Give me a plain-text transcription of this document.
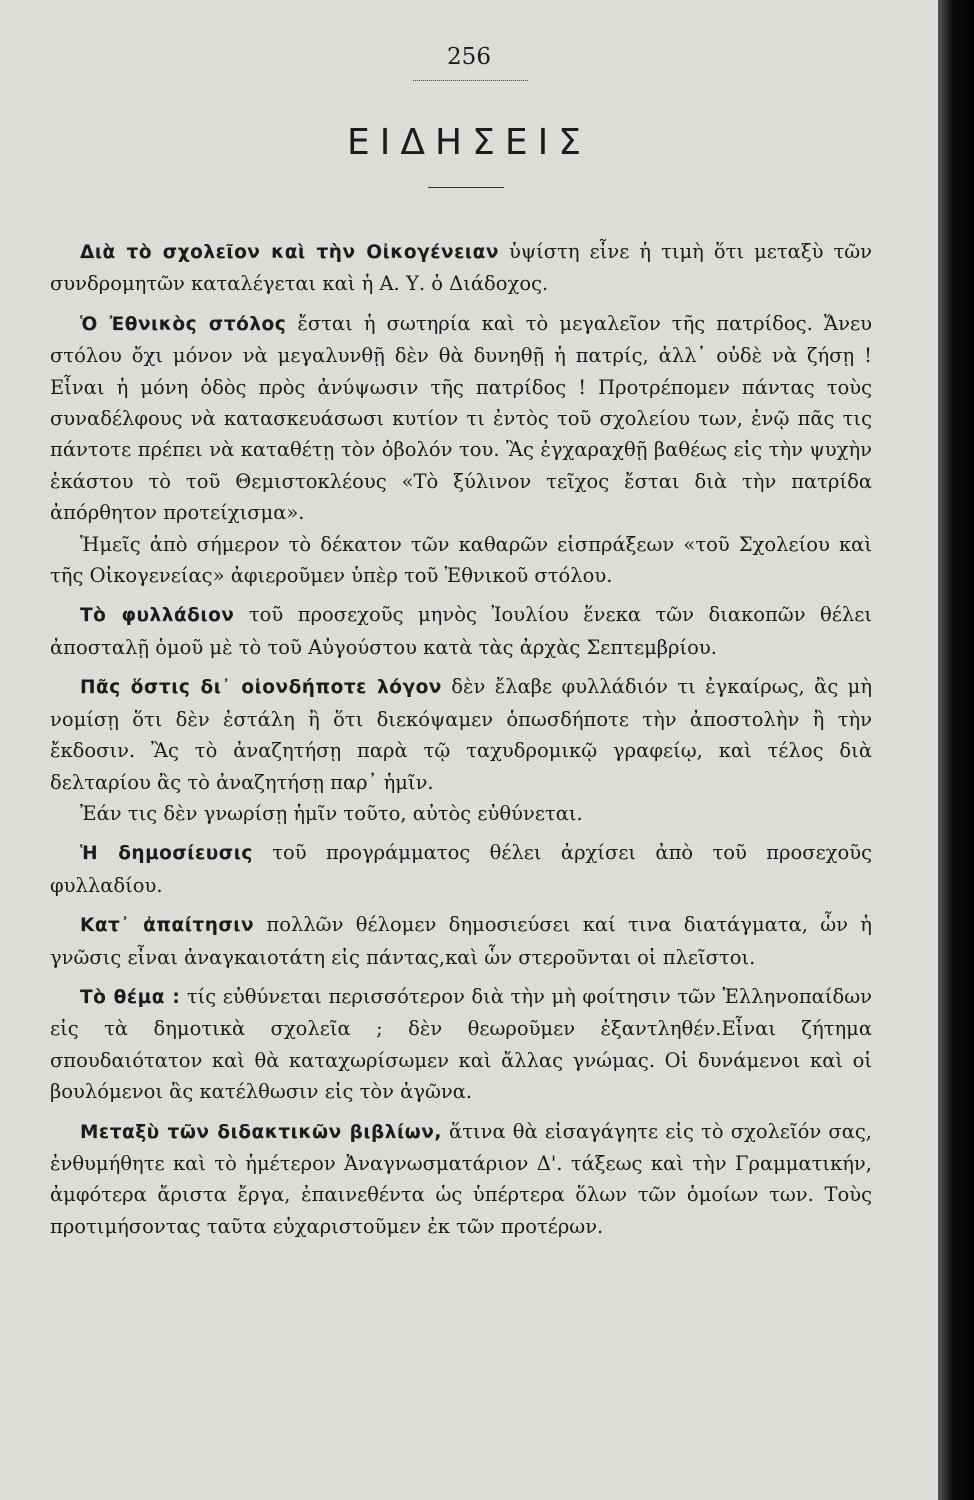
256
ΕΙΔΗΣΕΙΣ

Διὰ τὸ σχολεῖον καὶ τὴν Οἰκογένειαν ὑψίστη εἶνε ἡ τιμὴ ὅτι μεταξὺ τῶν συνδρομητῶν καταλέγεται καὶ ἡ Α. Υ. ὁ Διάδοχος.

Ὁ Ἐθνικὸς στόλος ἔσται ἡ σωτηρία καὶ τὸ μεγαλεῖον τῆς πατρίδος. Ἄνευ στόλου ὄχι μόνον νὰ μεγαλυνθῇ δὲν θὰ δυνηθῇ ἡ πατρίς, ἀλλ᾽ οὐδὲ νὰ ζήσῃ ! Εἶναι ἡ μόνη ὁδὸς πρὸς ἀνύψωσιν τῆς πατρίδος ! Προτρέπομεν πάντας τοὺς συναδέλφους νὰ κατασκευάσωσι κυτίον τι ἐντὸς τοῦ σχολείου των, ἐνῷ πᾶς τις πάντοτε πρέπει νὰ καταθέτῃ τὸν ὀβολόν του. Ἂς ἐγχαραχθῇ βαθέως εἰς τὴν ψυχὴν ἑκάστου τὸ τοῦ Θεμιστοκλέους «Τὸ ξύλινον τεῖχος ἔσται διὰ τὴν πατρίδα ἀπόρθητον προτείχισμα».

Ἡμεῖς ἀπὸ σήμερον τὸ δέκατον τῶν καθαρῶν εἰσπράξεων «τοῦ Σχολείου καὶ τῆς Οἰκογενείας» ἀφιεροῦμεν ὑπὲρ τοῦ Ἐθνικοῦ στόλου.

Τὸ φυλλάδιον τοῦ προσεχοῦς μηνὸς Ἰουλίου ἕνεκα τῶν διακοπῶν θέλει ἀποσταλῇ ὁμοῦ μὲ τὸ τοῦ Αὐγούστου κατὰ τὰς ἀρχὰς Σεπτεμβρίου.

Πᾶς ὅστις δι᾽ οἱονδήποτε λόγον δὲν ἔλαβε φυλλάδιόν τι ἐγκαίρως, ἂς μὴ νομίσῃ ὅτι δὲν ἐστάλη ἢ ὅτι διεκόψαμεν ὁπωσδήποτε τὴν ἀποστολὴν ἢ τὴν ἔκδοσιν. Ἂς τὸ ἀναζητήσῃ παρὰ τῷ ταχυδρομικῷ γραφείῳ, καὶ τέλος διὰ δελταρίου ἂς τὸ ἀναζητήσῃ παρ᾽ ἡμῖν.

Ἐάν τις δὲν γνωρίσῃ ἡμῖν τοῦτο, αὐτὸς εὐθύνεται.

Ἡ δημοσίευσις τοῦ προγράμματος θέλει ἀρχίσει ἀπὸ τοῦ προσεχοῦς φυλλαδίου.

Κατ᾽ ἀπαίτησιν πολλῶν θέλομεν δημοσιεύσει καί τινα διατάγματα, ὧν ἡ γνῶσις εἶναι ἀναγκαιοτάτη εἰς πάντας,καὶ ὧν στεροῦνται οἱ πλεῖστοι.

Τὸ θέμα : τίς εὐθύνεται περισσότερον διὰ τὴν μὴ φοίτησιν τῶν Ἑλληνοπαίδων εἰς τὰ δημοτικὰ σχολεῖα ; δὲν θεωροῦμεν ἐξαντληθέν.Εἶναι ζήτημα σπουδαιότατον καὶ θὰ καταχωρίσωμεν καὶ ἄλλας γνώμας. Οἱ δυνάμενοι καὶ οἱ βουλόμενοι ἂς κατέλθωσιν εἰς τὸν ἀγῶνα.

Μεταξὺ τῶν διδακτικῶν βιβλίων, ἅτινα θὰ εἰσαγάγητε εἰς τὸ σχολεῖόν σας, ἐνθυμήθητε καὶ τὸ ἡμέτερον Ἀναγνωσματάριον Δ'. τάξεως καὶ τὴν Γραμματικήν, ἀμφότερα ἄριστα ἔργα, ἐπαινεθέντα ὡς ὑπέρτερα ὅλων τῶν ὁμοίων των. Τοὺς προτιμήσοντας ταῦτα εὐχαριστοῦμεν ἐκ τῶν προτέρων.
